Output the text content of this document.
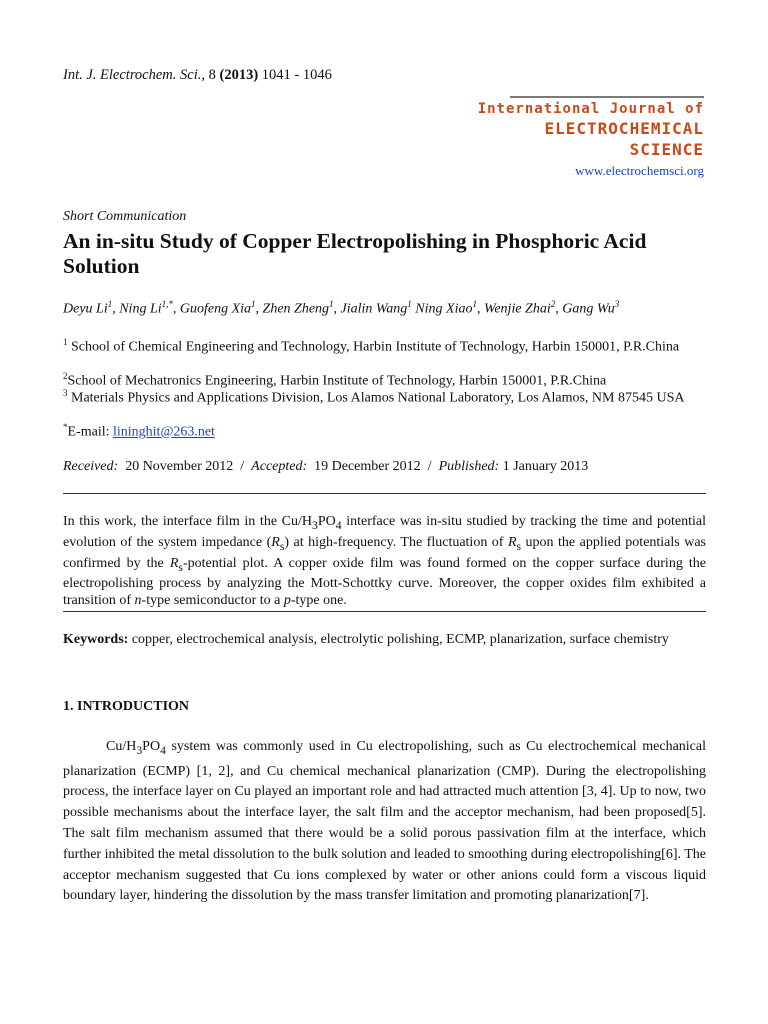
Int. J. Electrochem. Sci., 8 (2013) 1041 - 1046
International Journal of
ELECTROCHEMICAL
SCIENCE
www.electrochemsci.org
Short Communication
An in-situ Study of Copper Electropolishing in Phosphoric Acid Solution
Deyu Li$^1$, Ning $Li^{1,*}$, Guofeng Xia$^1$, Zhen Zheng$^1$, Jialin Wang$^1$ Ning Xiao$^1$, Wenjie Zhai$^2$, Gang Wu$^3$
$^1$ School of Chemical Engineering and Technology, Harbin Institute of Technology, Harbin 150001, P.R.China
$^2$School of Mechatronics Engineering, Harbin Institute of Technology, Harbin 150001, P.R.China
$^3$ Materials Physics and Applications Division, Los Alamos National Laboratory, Los Alamos, NM 87545 USA
*E-mail: lininghit@263.net
Received: 20 November 2012 / Accepted: 19 December 2012 / Published: 1 January 2013
In this work, the interface film in the $Cu/H_3PO_4$ interface was in-situ studied by tracking the time and potential evolution of the system impedance $(R_s)$ at high-frequency. The fluctuation of $R_s$ upon the applied potentials was confirmed by the $R_s$-potential plot. A copper oxide film was found formed on the copper surface during the electropolishing process by analyzing the Mott-Schottky curve. Moreover, the copper oxides film exhibited a transition of n-type semiconductor to a p-type one.
Keywords: copper, electrochemical analysis, electrolytic polishing, ECMP, planarization, surface chemistry
1. INTRODUCTION
$Cu/H_3PO_4$ system was commonly used in Cu electropolishing, such as Cu electrochemical mechanical planarization (ECMP) [1, 2], and Cu chemical mechanical planarization (CMP). During the electropolishing process, the interface layer on Cu played an important role and had attracted much attention [3, 4]. Up to now, two possible mechanisms about the interface layer, the salt film and the acceptor mechanism, had been proposed[5]. The salt film mechanism assumed that there would be a solid porous passivation film at the interface, which further inhibited the metal dissolution to the bulk solution and leaded to smoothing during electropolishing[6]. The acceptor mechanism suggested that Cu ions complexed by water or other anions could form a viscous liquid boundary layer, hindering the dissolution by the mass transfer limitation and promoting planarization[7].
